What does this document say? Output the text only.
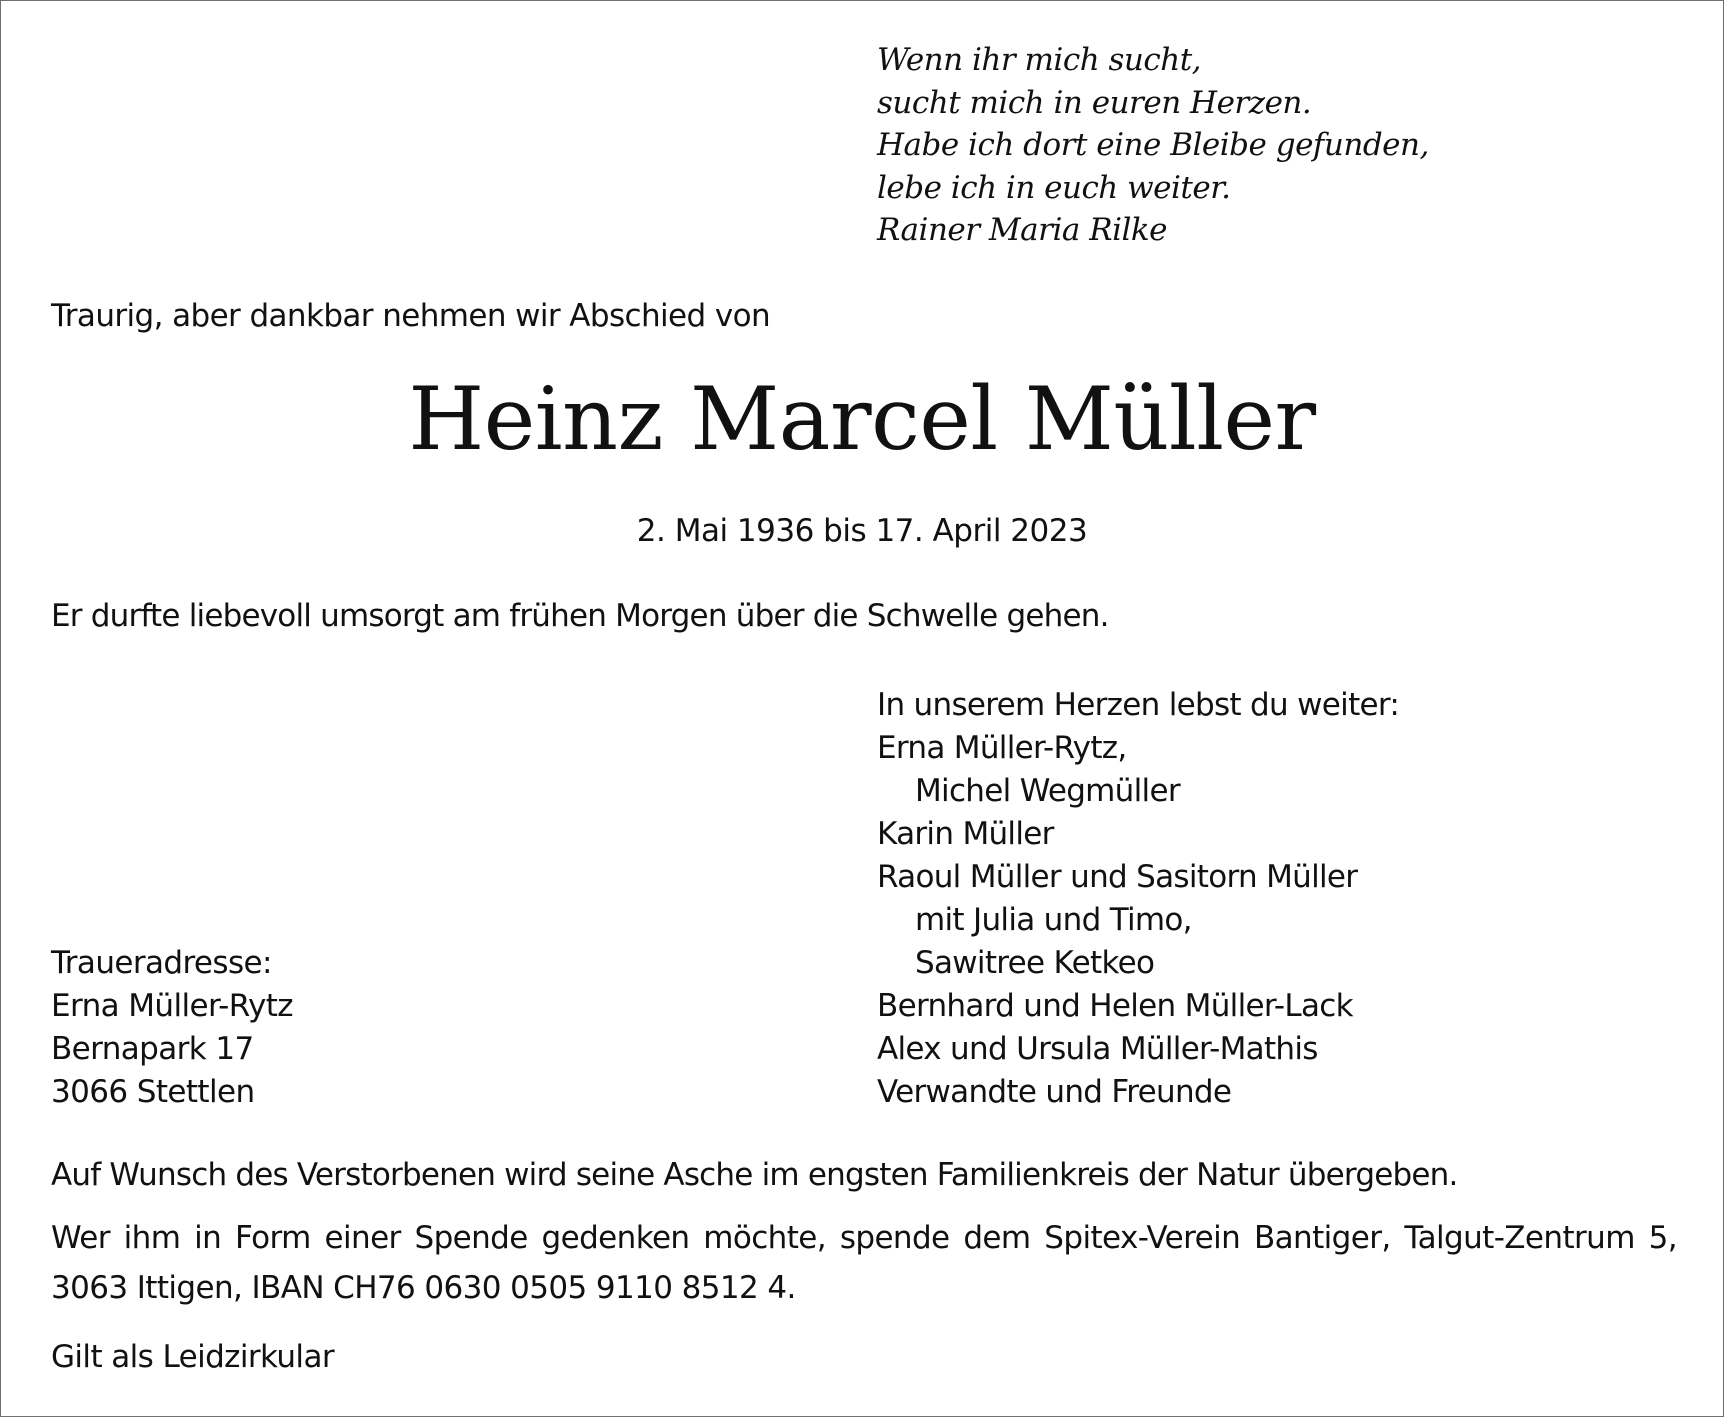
Wenn ihr mich sucht,
sucht mich in euren Herzen.
Habe ich dort eine Bleibe gefunden,
lebe ich in euch weiter.
Rainer Maria Rilke
Traurig, aber dankbar nehmen wir Abschied von
Heinz Marcel Müller
2. Mai 1936 bis 17. April 2023
Er durfte liebevoll umsorgt am frühen Morgen über die Schwelle gehen.
In unserem Herzen lebst du weiter:
Erna Müller-Rytz,
Michel Wegmüller
Karin Müller
Raoul Müller und Sasitorn Müller
mit Julia und Timo,
Sawitree Ketkeo
Bernhard und Helen Müller-Lack
Alex und Ursula Müller-Mathis
Verwandte und Freunde
Traueradresse:
Erna Müller-Rytz
Bernapark 17
3066 Stettlen
Auf Wunsch des Verstorbenen wird seine Asche im engsten Familienkreis der Natur übergeben.
Wer ihm in Form einer Spende gedenken möchte, spende dem Spitex-Verein Bantiger, Talgut-Zentrum 5, 3063 Ittigen, IBAN CH76 0630 0505 9110 8512 4.
Gilt als Leidzirkular
